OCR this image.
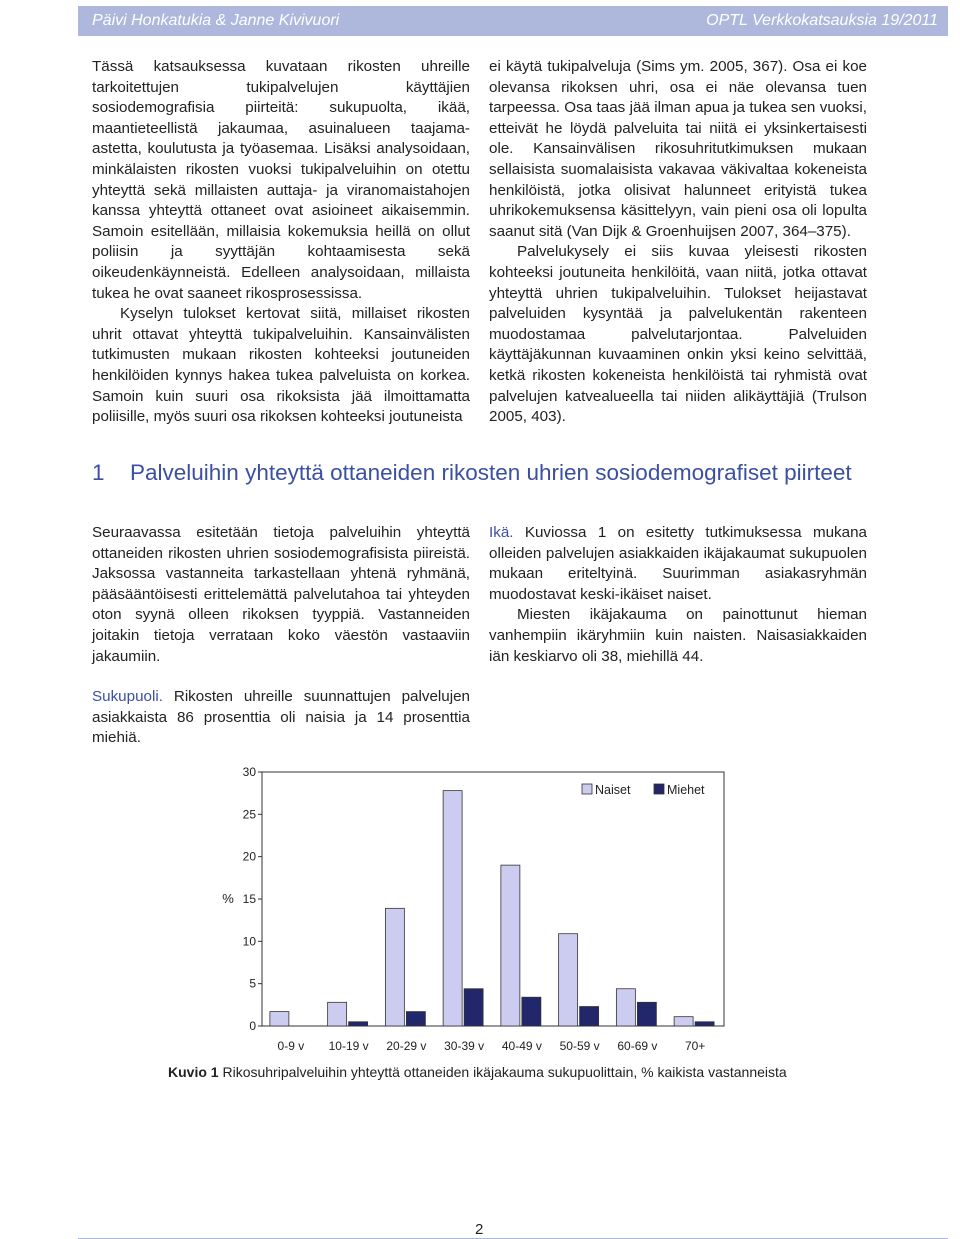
Päivi Honkatukia & Janne Kivivuori	OPTL Verkkokatsauksia 19/2011

Tässä katsauksessa kuvataan rikosten uhreille tarkoitettujen tukipalvelujen käyttäjien sosiodemografisia piirteitä: sukupuolta, ikää, maantieteellistä jakaumaa, asuinalueen taajama-astetta, koulutusta ja työasemaa. Lisäksi analysoidaan, minkälaisten rikosten vuoksi tukipalveluihin on otettu yhteyttä sekä millaisten auttaja- ja viranomaistahojen kanssa yhteyttä ottaneet ovat asioineet aikaisemmin. Samoin esitellään, millaisia kokemuksia heillä on ollut poliisin ja syyttäjän kohtaamisesta sekä oikeudenkäynneistä. Edelleen analysoidaan, millaista tukea he ovat saaneet rikosprosessissa.

Kyselyn tulokset kertovat siitä, millaiset rikosten uhrit ottavat yhteyttä tukipalveluihin. Kansainvälisten tutkimusten mukaan rikosten kohteeksi joutuneiden henkilöiden kynnys hakea tukea palveluista on korkea. Samoin kuin suuri osa rikoksista jää ilmoittamatta poliisille, myös suuri osa rikoksen kohteeksi joutuneista

ei käytä tukipalveluja (Sims ym. 2005, 367). Osa ei koe olevansa rikoksen uhri, osa ei näe olevansa tuen tarpeessa. Osa taas jää ilman apua ja tukea sen vuoksi, etteivät he löydä palveluita tai niitä ei yksinkertaisesti ole. Kansainvälisen rikosuhritutkimuksen mukaan sellaisista suomalaisista vakavaa väkivaltaa kokeneista henkilöistä, jotka olisivat halunneet erityistä tukea uhrikokemuksensa käsittelyyn, vain pieni osa oli lopulta saanut sitä (Van Dijk & Groenhuijsen 2007, 364–375).

Palvelukysely ei siis kuvaa yleisesti rikosten kohteeksi joutuneita henkilöitä, vaan niitä, jotka ottavat yhteyttä uhrien tukipalveluihin. Tulokset heijastavat palveluiden kysyntää ja palvelukentän rakenteen muodostamaa palvelutarjontaa. Palveluiden käyttäjäkunnan kuvaaminen onkin yksi keino selvittää, ketkä rikosten kokeneista henkilöistä tai ryhmistä ovat palvelujen katvealueella tai niiden alikäyttäjiä (Trulson 2005, 403).

1	Palveluihin yhteyttä ottaneiden rikosten uhrien sosiodemografiset piirteet

Seuraavassa esitetään tietoja palveluihin yhteyttä ottaneiden rikosten uhrien sosiodemografisista piireistä. Jaksossa vastanneita tarkastellaan yhtenä ryhmänä, pääsääntöisesti erittelemättä palvelutahoa tai yhteyden oton syynä olleen rikoksen tyyppiä. Vastanneiden joitakin tietoja verrataan koko väestön vastaaviin jakaumiin.

Sukupuoli. Rikosten uhreille suunnattujen palvelujen asiakkaista 86 prosenttia oli naisia ja 14 prosenttia miehiä.

Ikä. Kuviossa 1 on esitetty tutkimuksessa mukana olleiden palvelujen asiakkaiden ikäjakaumat sukupuolen mukaan eriteltyinä. Suurimman asiakasryhmän muodostavat keski-ikäiset naiset.

Miesten ikäjakauma on painottunut hieman vanhempiin ikäryhmiin kuin naisten. Naisasiakkaiden iän keskiarvo oli 38, miehillä 44.

0
5
10
15
20
25
30
%
0-9 v 10-19 v 20-29 v 30-39 v 40-49 v 50-59 v 60-69 v 70+
Naiset	Miehet
Kuvio 1 Rikosuhripalveluihin yhteyttä ottaneiden ikäjakauma sukupuolittain, % kaikista vastanneista
2
